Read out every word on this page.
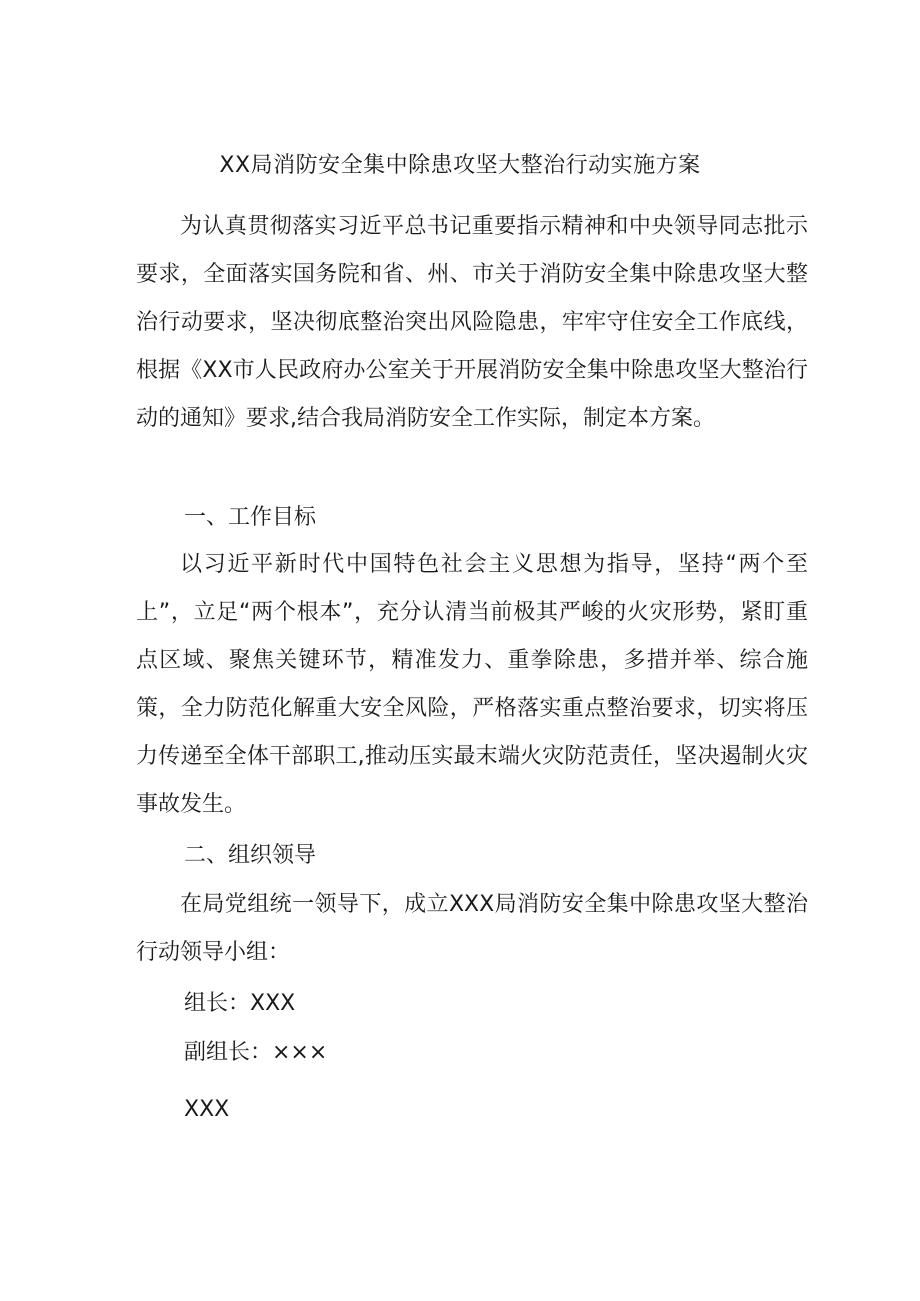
XX局消防安全集中除患攻坚大整治行动实施方案

为认真贯彻落实习近平总书记重要指示精神和中央领导同志批示要求，全面落实国务院和省、州、市关于消防安全集中除患攻坚大整治行动要求，坚决彻底整治突出风险隐患，牢牢守住安全工作底线，根据《XX市人民政府办公室关于开展消防安全集中除患攻坚大整治行动的通知》要求,结合我局消防安全工作实际，制定本方案。

一、工作目标

以习近平新时代中国特色社会主义思想为指导，坚持“两个至上”，立足“两个根本”，充分认清当前极其严峻的火灾形势，紧盯重点区域、聚焦关键环节，精准发力、重拳除患，多措并举、综合施策，全力防范化解重大安全风险，严格落实重点整治要求，切实将压力传递至全体干部职工,推动压实最末端火灾防范责任，坚决遏制火灾事故发生。

二、组织领导

在局党组统一领导下，成立XXX局消防安全集中除患攻坚大整治行动领导小组：

组长：XXX
副组长：×××
XXX
